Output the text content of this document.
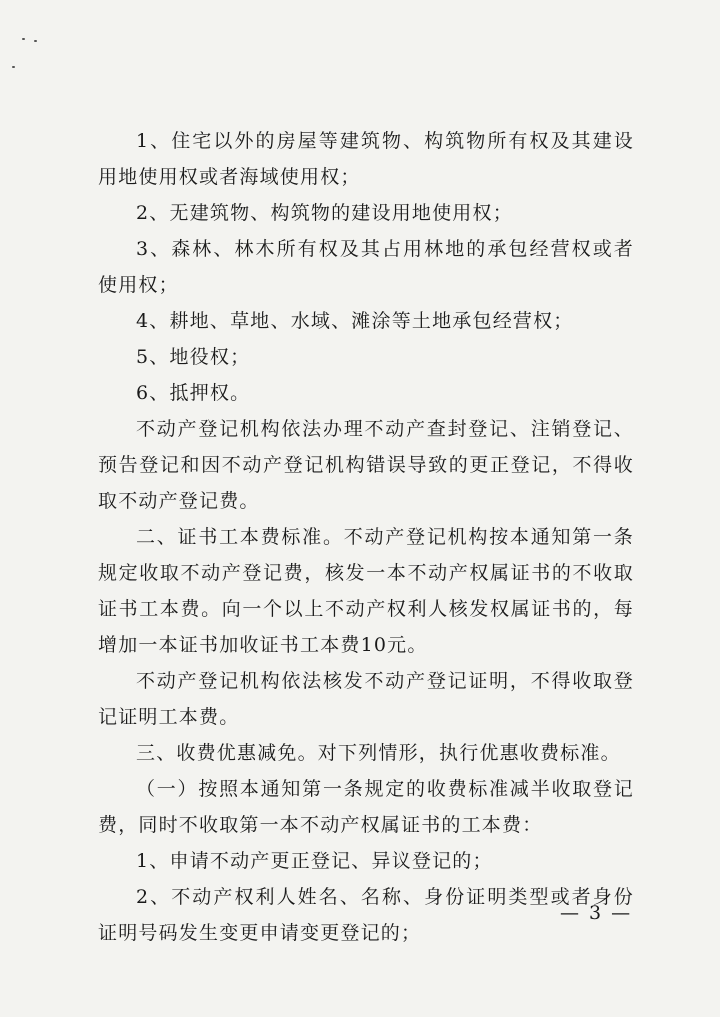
1、住宅以外的房屋等建筑物、构筑物所有权及其建设用地使用权或者海域使用权；

2、无建筑物、构筑物的建设用地使用权；

3、森林、林木所有权及其占用林地的承包经营权或者使用权；

4、耕地、草地、水域、滩涂等土地承包经营权；

5、地役权；

6、抵押权。

不动产登记机构依法办理不动产查封登记、注销登记、预告登记和因不动产登记机构错误导致的更正登记，不得收取不动产登记费。

二、证书工本费标准。不动产登记机构按本通知第一条规定收取不动产登记费，核发一本不动产权属证书的不收取证书工本费。向一个以上不动产权利人核发权属证书的，每增加一本证书加收证书工本费10元。

不动产登记机构依法核发不动产登记证明，不得收取登记证明工本费。

三、收费优惠减免。对下列情形，执行优惠收费标准。

（一）按照本通知第一条规定的收费标准减半收取登记费，同时不收取第一本不动产权属证书的工本费：

1、申请不动产更正登记、异议登记的；

2、不动产权利人姓名、名称、身份证明类型或者身份证明号码发生变更申请变更登记的；

— 3 —
